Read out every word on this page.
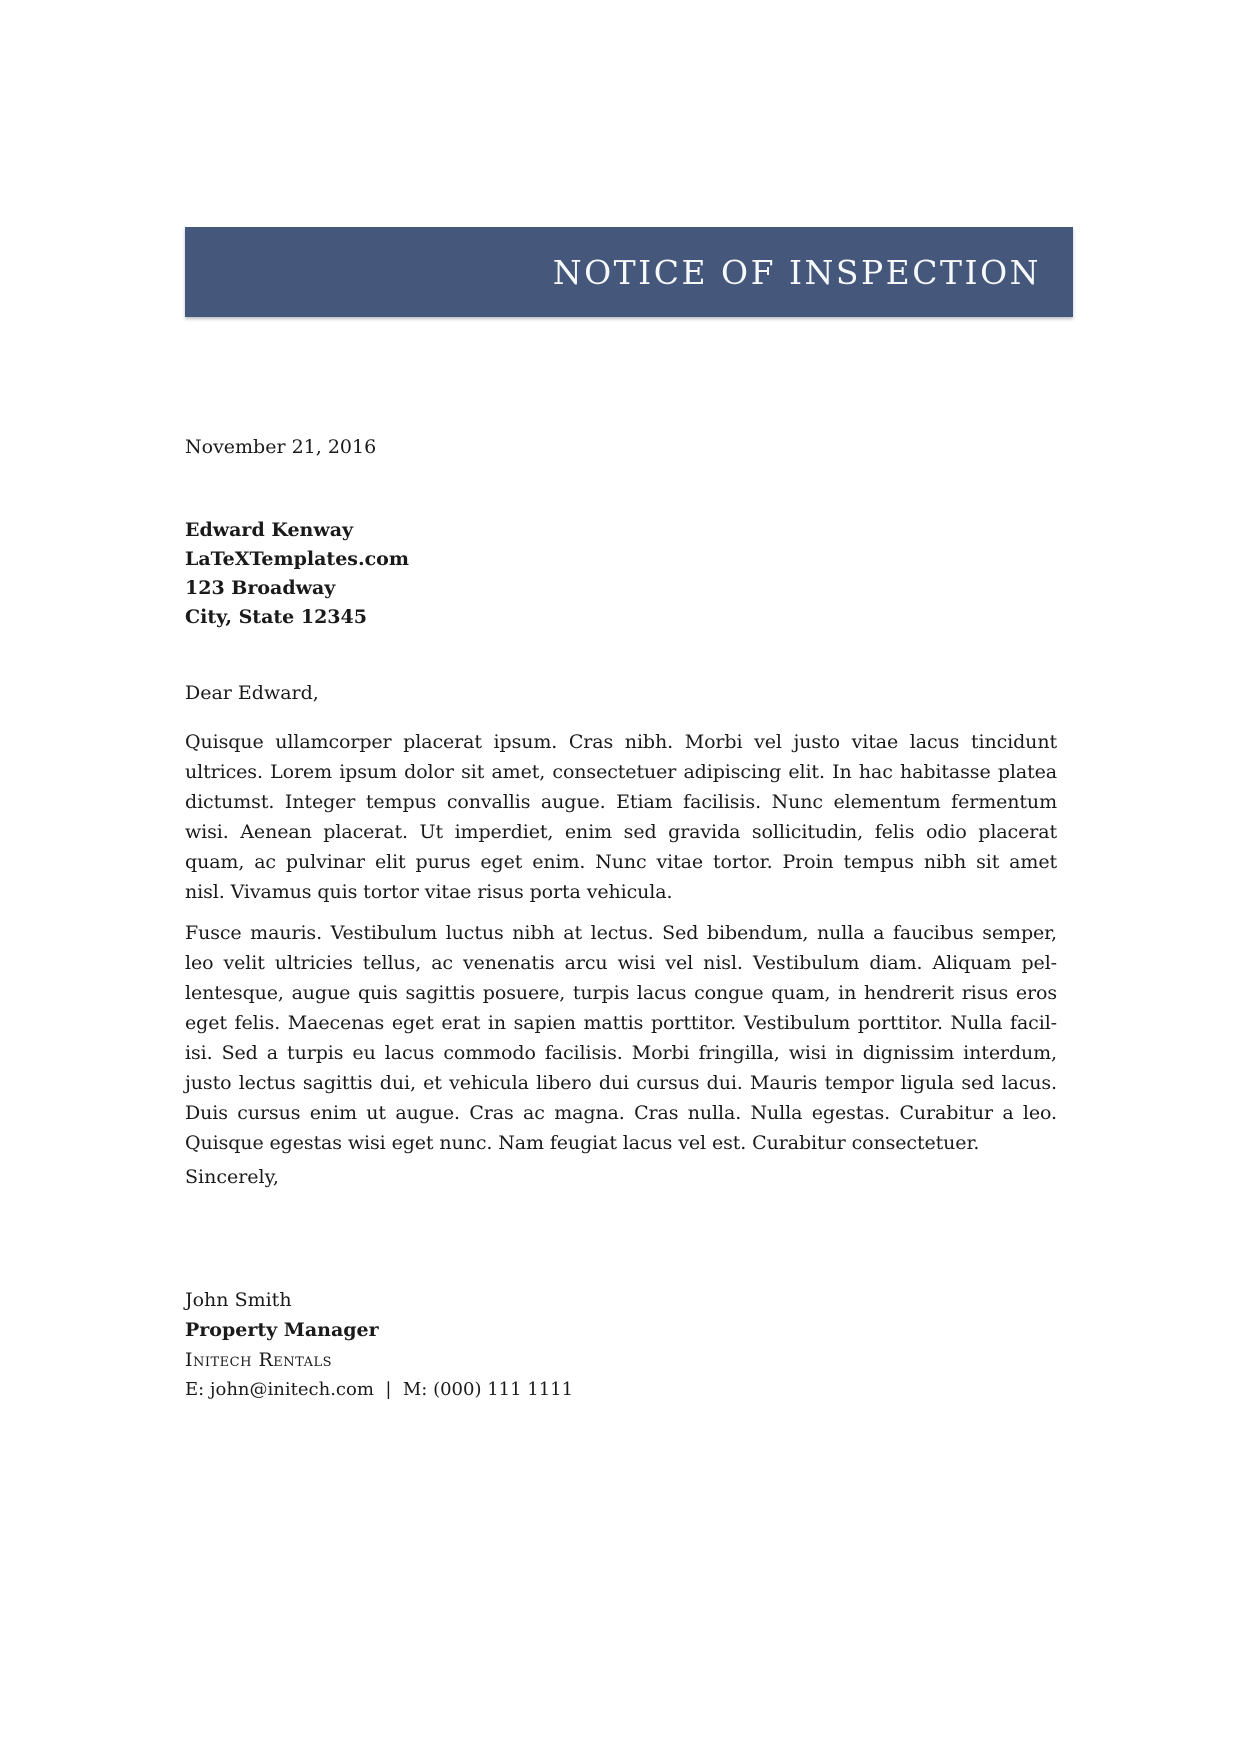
NOTICE OF INSPECTION
November 21, 2016
Edward Kenway
LaTeXTemplates.com
123 Broadway
City, State 12345
Dear Edward,
Quisque ullamcorper placerat ipsum. Cras nibh. Morbi vel justo vitae lacus tincidunt
ultrices. Lorem ipsum dolor sit amet, consectetuer adipiscing elit. In hac habitasse platea
dictumst. Integer tempus convallis augue. Etiam facilisis. Nunc elementum fermentum
wisi. Aenean placerat. Ut imperdiet, enim sed gravida sollicitudin, felis odio placerat
quam, ac pulvinar elit purus eget enim. Nunc vitae tortor. Proin tempus nibh sit amet
nisl. Vivamus quis tortor vitae risus porta vehicula.
Fusce mauris. Vestibulum luctus nibh at lectus. Sed bibendum, nulla a faucibus semper,
leo velit ultricies tellus, ac venenatis arcu wisi vel nisl. Vestibulum diam. Aliquam pel-
lentesque, augue quis sagittis posuere, turpis lacus congue quam, in hendrerit risus eros
eget felis. Maecenas eget erat in sapien mattis porttitor. Vestibulum porttitor. Nulla facil-
isi. Sed a turpis eu lacus commodo facilisis. Morbi fringilla, wisi in dignissim interdum,
justo lectus sagittis dui, et vehicula libero dui cursus dui. Mauris tempor ligula sed lacus.
Duis cursus enim ut augue. Cras ac magna. Cras nulla. Nulla egestas. Curabitur a leo.
Quisque egestas wisi eget nunc. Nam feugiat lacus vel est. Curabitur consectetuer.
Sincerely,
John Smith
Property Manager
Initech Rentals
E: john@initech.com  |  M: (000) 111 1111
